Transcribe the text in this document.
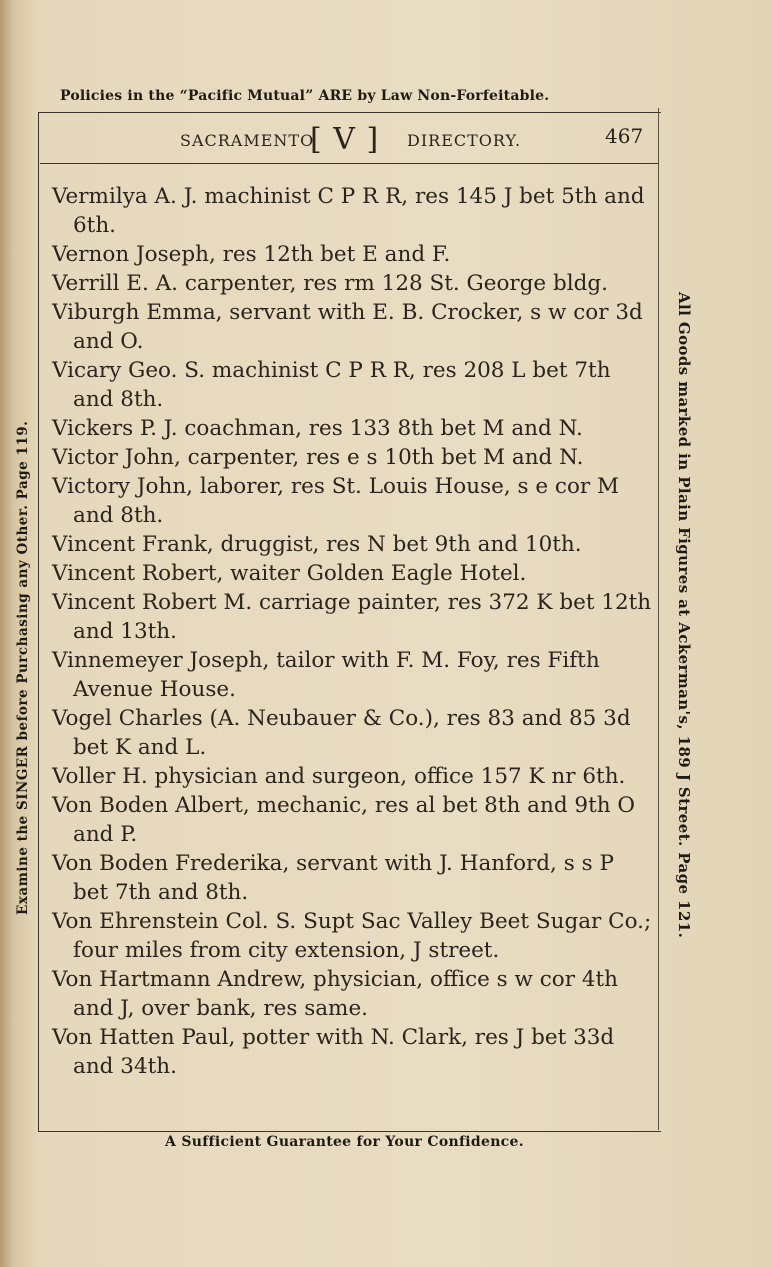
Policies in the “Pacific Mutual” ARE by Law Non-Forfeitable.
SACRAMENTO
[ V ] DIRECTORY.	467
Vermilya A. J. machinist C P R R, res 145 J bet 5th and 6th.
Vernon Joseph, res 12th bet E and F.
Verrill E. A. carpenter, res rm 128 St. George bldg.
Viburgh Emma, servant with E. B. Crocker, s w cor 3d and O.
Vicary Geo. S. machinist C P R R, res 208 L bet 7th and 8th.
Vickers P. J. coachman, res 133 8th bet M and N.
Victor John, carpenter, res e s 10th bet M and N.
Victory John, laborer, res St. Louis House, s e cor M and 8th.
Vincent Frank, druggist, res N bet 9th and 10th.
Vincent Robert, waiter Golden Eagle Hotel.
Vincent Robert M. carriage painter, res 372 K bet 12th and 13th.
Vinnemeyer Joseph, tailor with F. M. Foy, res Fifth Avenue House.
Vogel Charles (A. Neubauer & Co.), res 83 and 85 3d bet K and L.
Voller H. physician and surgeon, office 157 K nr 6th.
Von Boden Albert, mechanic, res al bet 8th and 9th O and P.
Von Boden Frederika, servant with J. Hanford, s s P bet 7th and 8th.
Von Ehrenstein Col. S. Supt Sac Valley Beet Sugar Co.; four miles from city extension, J street.
Von Hartmann Andrew, physician, office s w cor 4th and J, over bank, res same.
Von Hatten Paul, potter with N. Clark, res J bet 33d and 34th.
Examine the SINGER before Purchasing any Other. Page 119.	All Goods marked in Plain Figures at Ackerman's, 189 J Street. Page 121.
A Sufficient Guarantee for Your Confidence.
